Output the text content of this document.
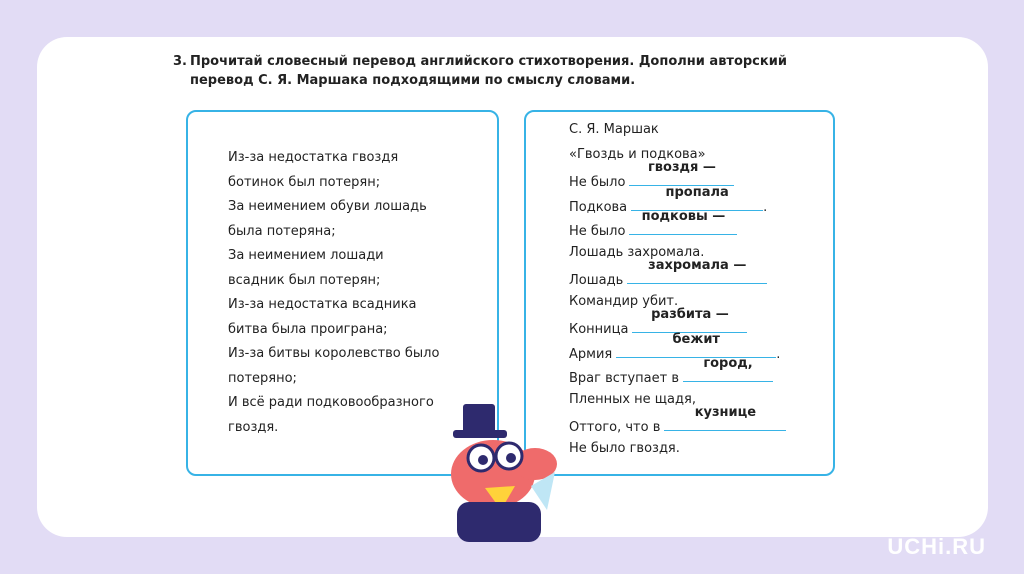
3. Прочитай словесный перевод английского стихотворения. Дополни авторский
перевод С. Я. Маршака подходящими по смыслу словами.
Из-за недостатка гвоздя
ботинок был потерян;
За неимением обуви лошадь
была потеряна;
За неимением лошади
всадник был потерян;
Из-за недостатка всадника
битва была проиграна;
Из-за битвы королевство было
потеряно;
И всё ради подковообразного
гвоздя.
С. Я. Маршак
«Гвоздь и подкова»
Не было
гвоздя —
Подкова
пропала
.
Не было
подковы —
Лошадь захромала.
Лошадь
захромала —
Командир убит.
Конница
разбита —
Армия
бежит
.
Враг вступает в
город,
Пленных не щадя,
Оттого, что в
кузнице
Не было гвоздя.
UCHi.RU
